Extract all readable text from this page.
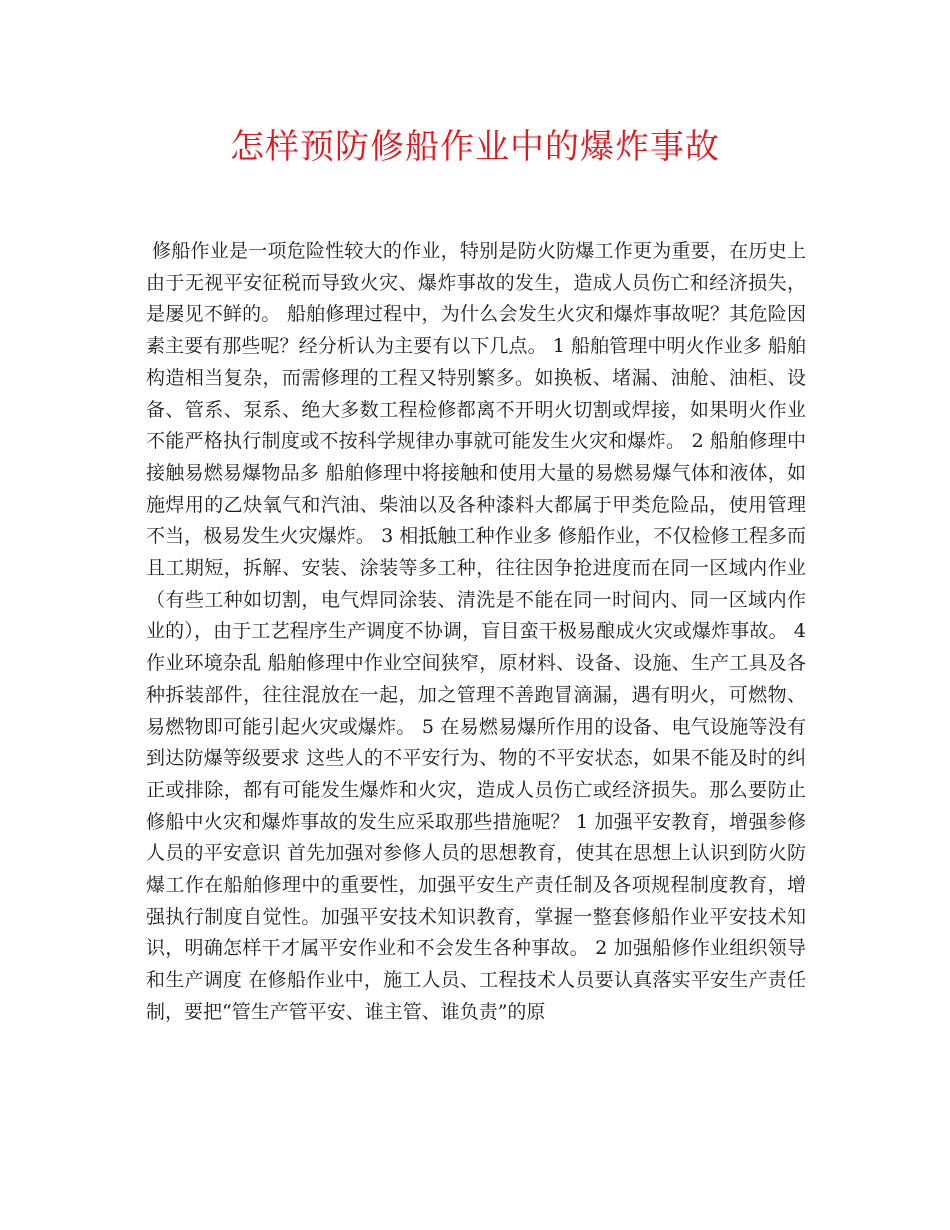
怎样预防修船作业中的爆炸事故

修船作业是一项危险性较大的作业，特别是防火防爆工作更为重要，在历史上由于无视平安征税而导致火灾、爆炸事故的发生，造成人员伤亡和经济损失，是屡见不鲜的。 船舶修理过程中，为什么会发生火灾和爆炸事故呢？其危险因素主要有那些呢？经分析认为主要有以下几点。 1 船舶管理中明火作业多 船舶构造相当复杂，而需修理的工程又特别繁多。如换板、堵漏、油舱、油柜、设备、管系、泵系、绝大多数工程检修都离不开明火切割或焊接，如果明火作业不能严格执行制度或不按科学规律办事就可能发生火灾和爆炸。 2 船舶修理中接触易燃易爆物品多 船舶修理中将接触和使用大量的易燃易爆气体和液体，如施焊用的乙炔氧气和汽油、柴油以及各种漆料大都属于甲类危险品，使用管理不当，极易发生火灾爆炸。 3 相抵触工种作业多 修船作业，不仅检修工程多而且工期短，拆解、安装、涂装等多工种，往往因争抢进度而在同一区域内作业（有些工种如切割，电气焊同涂装、清洗是不能在同一时间内、同一区域内作业的），由于工艺程序生产调度不协调，盲目蛮干极易酿成火灾或爆炸事故。 4 作业环境杂乱 船舶修理中作业空间狭窄，原材料、设备、设施、生产工具及各种拆装部件，往往混放在一起，加之管理不善跑冒滴漏，遇有明火，可燃物、易燃物即可能引起火灾或爆炸。 5 在易燃易爆所作用的设备、电气设施等没有到达防爆等级要求 这些人的不平安行为、物的不平安状态，如果不能及时的纠正或排除，都有可能发生爆炸和火灾，造成人员伤亡或经济损失。那么要防止修船中火灾和爆炸事故的发生应采取那些措施呢？ 1 加强平安教育，增强参修人员的平安意识 首先加强对参修人员的思想教育，使其在思想上认识到防火防爆工作在船舶修理中的重要性，加强平安生产责任制及各项规程制度教育，增强执行制度自觉性。加强平安技术知识教育，掌握一整套修船作业平安技术知识，明确怎样干才属平安作业和不会发生各种事故。 2 加强船修作业组织领导和生产调度 在修船作业中，施工人员、工程技术人员要认真落实平安生产责任制，要把“管生产管平安、谁主管、谁负责”的原
